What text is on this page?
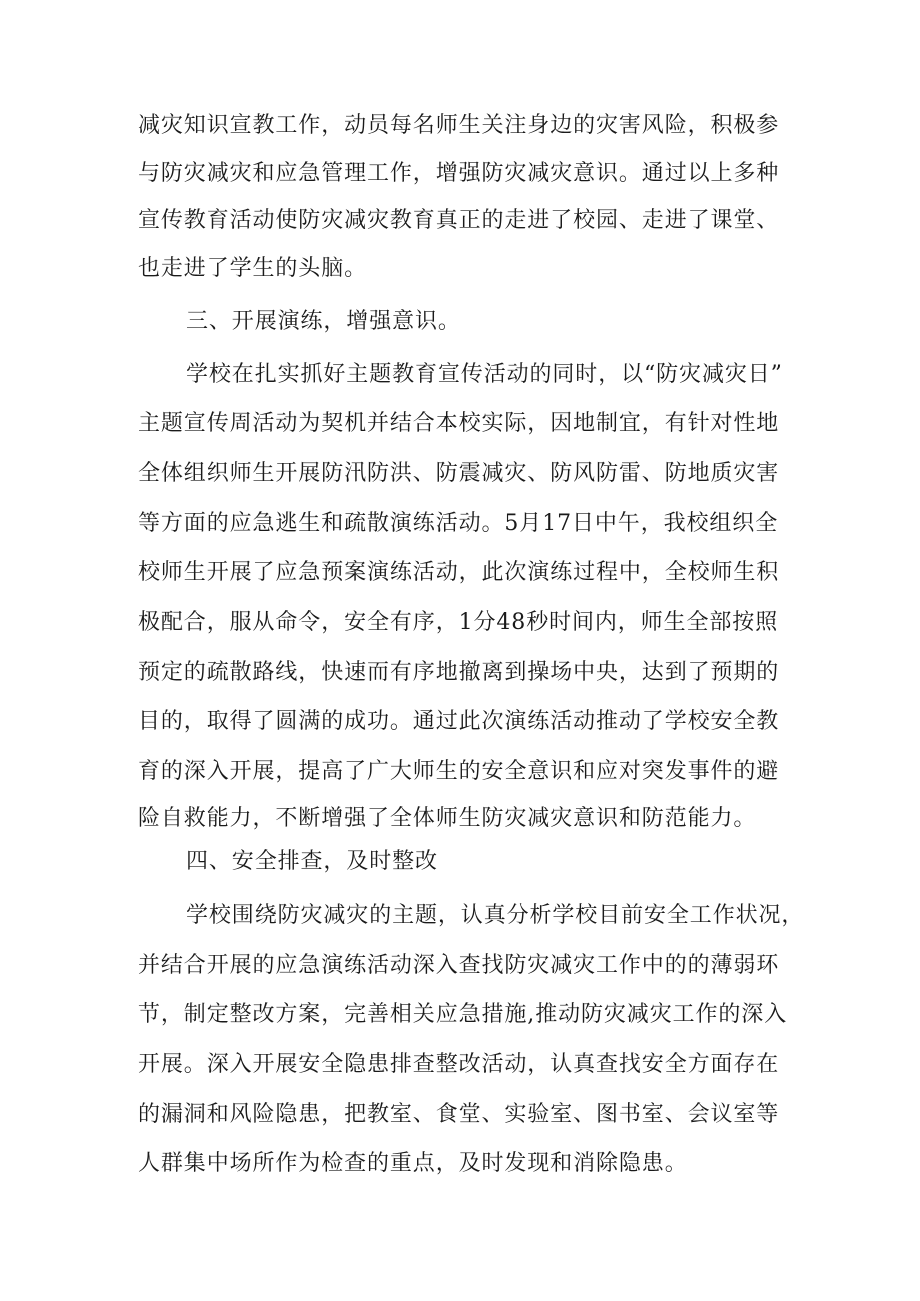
减灾知识宣教工作，动员每名师生关注身边的灾害风险，积极参
与防灾减灾和应急管理工作，增强防灾减灾意识。通过以上多种
宣传教育活动使防灾减灾教育真正的走进了校园、走进了课堂、
也走进了学生的头脑。
三、开展演练，增强意识。
学校在扎实抓好主题教育宣传活动的同时，以“防灾减灾日”
主题宣传周活动为契机并结合本校实际，因地制宜，有针对性地
全体组织师生开展防汛防洪、防震减灾、防风防雷、防地质灾害
等方面的应急逃生和疏散演练活动。5月17日中午，我校组织全
校师生开展了应急预案演练活动，此次演练过程中，全校师生积
极配合，服从命令，安全有序，1分48秒时间内，师生全部按照
预定的疏散路线，快速而有序地撤离到操场中央，达到了预期的
目的，取得了圆满的成功。通过此次演练活动推动了学校安全教
育的深入开展，提高了广大师生的安全意识和应对突发事件的避
险自救能力，不断增强了全体师生防灾减灾意识和防范能力。
四、安全排查，及时整改
学校围绕防灾减灾的主题，认真分析学校目前安全工作状况，
并结合开展的应急演练活动深入查找防灾减灾工作中的的薄弱环
节，制定整改方案，完善相关应急措施,推动防灾减灾工作的深入
开展。深入开展安全隐患排查整改活动，认真查找安全方面存在
的漏洞和风险隐患，把教室、食堂、实验室、图书室、会议室等
人群集中场所作为检查的重点，及时发现和消除隐患。
